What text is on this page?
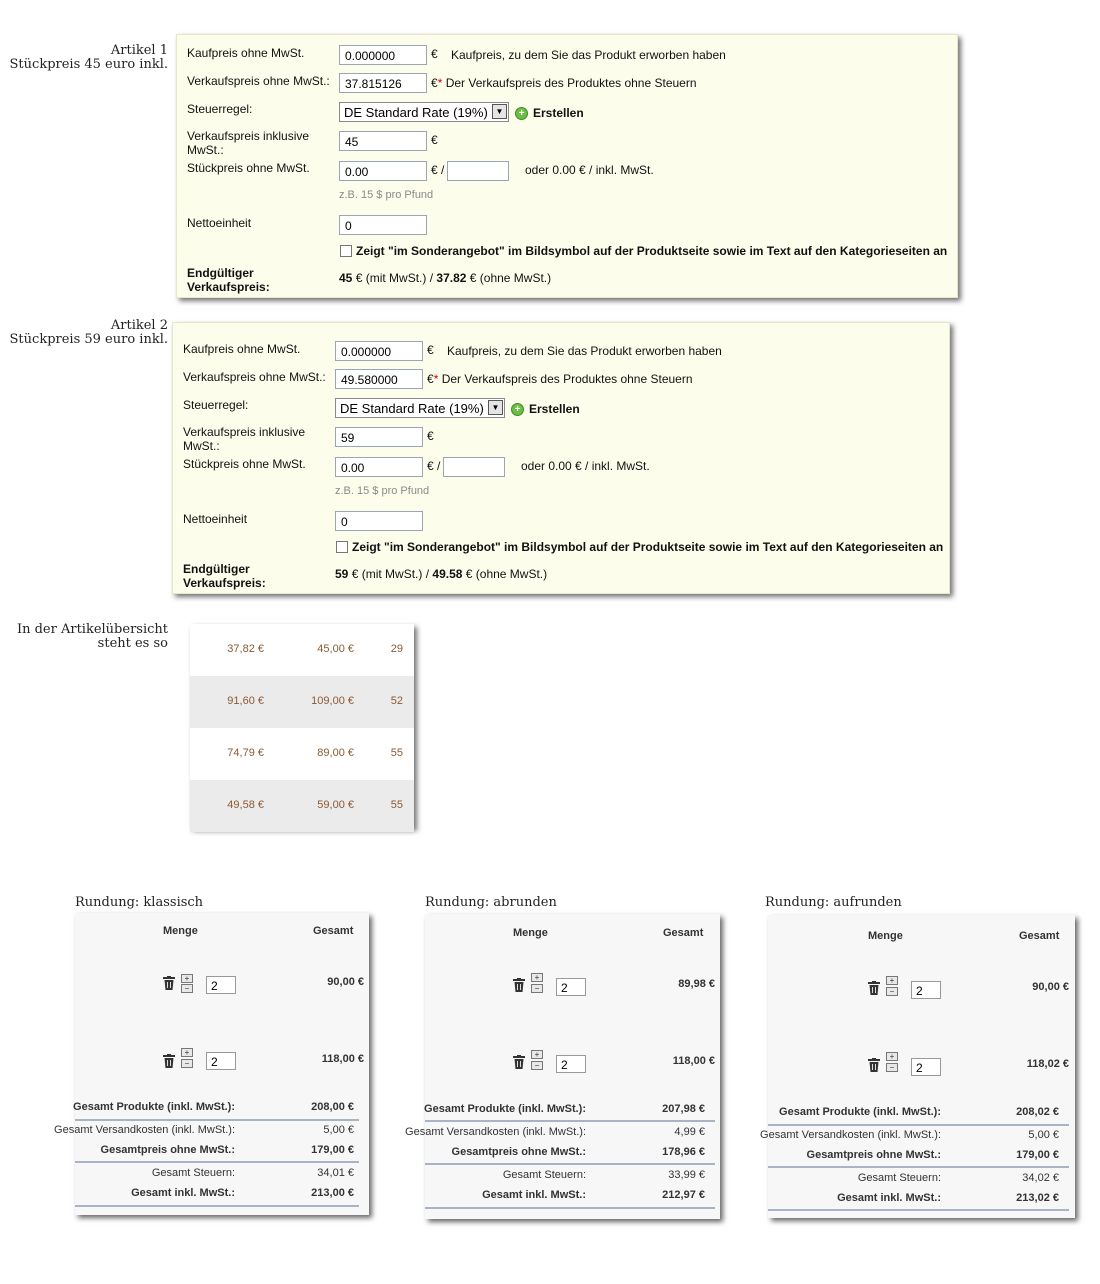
Artikel 1
Stückpreis 45 euro inkl.
Kaufpreis ohne MwSt.	0.000000	€ Kaufpreis, zu dem Sie das Produkt erworben haben
Verkaufspreis ohne MwSt.:	37.815126	€* Der Verkaufspreis des Produktes ohne Steuern
Steuerregel:	DE Standard Rate (19%) ▼	+ Erstellen
Verkaufspreis inklusive
MwSt.:
45	€
Stückpreis ohne MwSt.	0.00	€ /	oder 0.00 € / inkl. MwSt.
z.B. 15 $ pro Pfund
Nettoeinheit	0
Zeigt "im Sonderangebot" im Bildsymbol auf der Produktseite sowie im Text auf den Kategorieseiten an
Endgültiger
Verkaufspreis:
45 € (mit MwSt.) / 37.82 € (ohne MwSt.)
Artikel 2
Stückpreis 59 euro inkl.
Kaufpreis ohne MwSt.	0.000000	€ Kaufpreis, zu dem Sie das Produkt erworben haben
Verkaufspreis ohne MwSt.:	49.580000	€* Der Verkaufspreis des Produktes ohne Steuern
Steuerregel:	DE Standard Rate (19%) ▼	+ Erstellen
Verkaufspreis inklusive
MwSt.:
59	€
Stückpreis ohne MwSt.	0.00	€ /	oder 0.00 € / inkl. MwSt.
z.B. 15 $ pro Pfund
Nettoeinheit	0
Zeigt "im Sonderangebot" im Bildsymbol auf der Produktseite sowie im Text auf den Kategorieseiten an
Endgültiger
Verkaufspreis:
59 € (mit MwSt.) / 49.58 € (ohne MwSt.)
In der Artikelübersicht
steht es so	37,82 €	45,00 €	29
91,60 €	109,00 €	52
74,79 €	89,00 €	55
49,58 €	59,00 €	55
Rundung: klassisch
Menge	Gesamt
+
−	2	90,00 €
+
−	2	118,00 €
Gesamt Produkte (inkl. MwSt.):	208,00 €
Gesamt Versandkosten (inkl. MwSt.):	5,00 €
Gesamtpreis ohne MwSt.:	179,00 €
Gesamt Steuern:	34,01 €
Gesamt inkl. MwSt.:	213,00 €
Rundung: abrunden
Menge	Gesamt
+
−	2	89,98 €
+
−	2	118,00 €
Gesamt Produkte (inkl. MwSt.):	207,98 €
Gesamt Versandkosten (inkl. MwSt.):	4,99 €
Gesamtpreis ohne MwSt.:	178,96 €
Gesamt Steuern:	33,99 €
Gesamt inkl. MwSt.:	212,97 €
Rundung: aufrunden
Menge	Gesamt
+
−	2	90,00 €
+
−	2	118,02 €
Gesamt Produkte (inkl. MwSt.):	208,02 €
Gesamt Versandkosten (inkl. MwSt.):	5,00 €
Gesamtpreis ohne MwSt.:	179,00 €
Gesamt Steuern:	34,02 €
Gesamt inkl. MwSt.:	213,02 €
